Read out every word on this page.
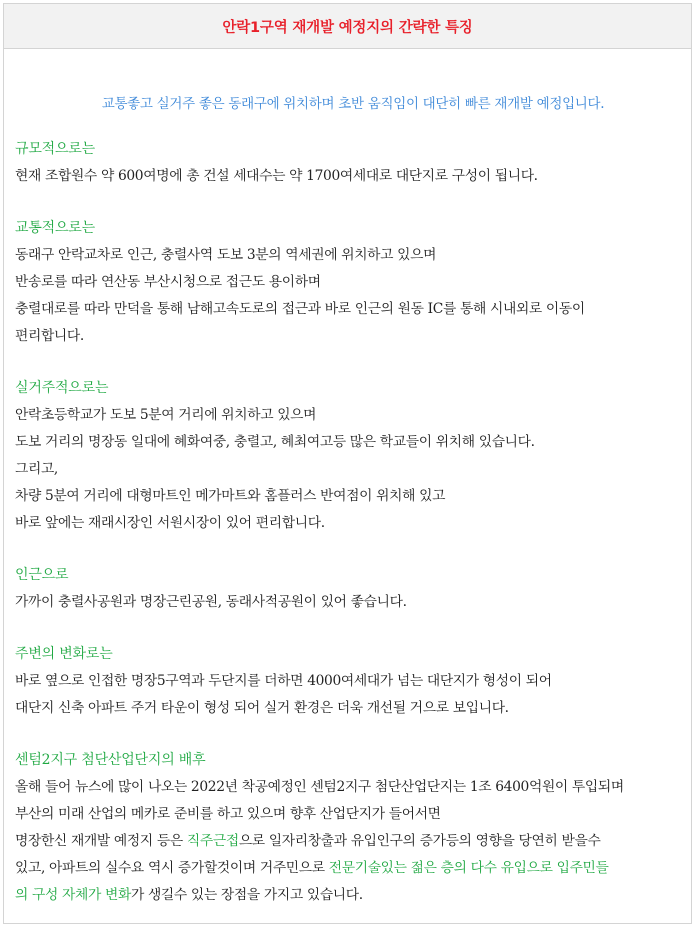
안락1구역 재개발 예정지의 간략한 특징
교통좋고 실거주 좋은 동래구에 위치하며 초반 움직임이 대단히 빠른 재개발 예정입니다.
규모적으로는
현재 조합원수 약 600여명에 총 건설 세대수는 약 1700여세대로 대단지로 구성이 됩니다.
교통적으로는
동래구 안락교차로 인근, 충렬사역 도보 3분의 역세권에 위치하고 있으며
반송로를 따라 연산동 부산시청으로 접근도 용이하며
충렬대로를 따라 만덕을 통해 남해고속도로의 접근과 바로 인근의 원동 IC를 통해 시내외로 이동이
편리합니다.
실거주적으로는
안락초등학교가 도보 5분여 거리에 위치하고 있으며
도보 거리의 명장동 일대에 혜화여중, 충렬고, 혜최여고등 많은 학교들이 위치해 있습니다.
그리고,
차량 5분여 거리에 대형마트인 메가마트와 홈플러스 반여점이 위치해 있고
바로 앞에는 재래시장인 서원시장이 있어 편리합니다.
인근으로
가까이 충렬사공원과 명장근린공원, 동래사적공원이 있어 좋습니다.
주변의 변화로는
바로 옆으로 인접한 명장5구역과 두단지를 더하면 4000여세대가 넘는 대단지가 형성이 되어
대단지 신축 아파트 주거 타운이 형성 되어 실거 환경은 더욱 개선될 거으로 보입니다.
센텀2지구 첨단산업단지의 배후
올해 들어 뉴스에 많이 나오는 2022년 착공예정인 센텀2지구 첨단산업단지는 1조 6400억원이 투입되며
부산의 미래 산업의 메카로 준비를 하고 있으며 향후 산업단지가 들어서면
명장한신 재개발 예정지 등은 직주근접으로 일자리창출과 유입인구의 증가등의 영향을 당연히 받을수
있고, 아파트의 실수요 역시 증가할것이며 거주민으로 전문기술있는 젊은 층의 다수 유입으로 입주민들
의 구성 자체가 변화가 생길수 있는 장점을 가지고 있습니다.
